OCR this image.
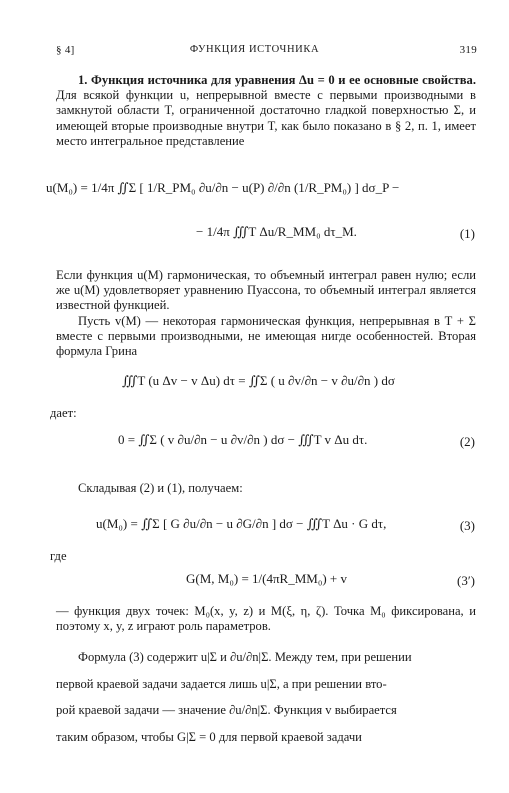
§ 4]	ФУНКЦИЯ ИСТОЧНИКА	319
1. Функция источника для уравнения Δu = 0 и ее основные свойства. Для всякой функции u, непрерывной вместе с первыми производными в замкнутой области T, ограниченной достаточно гладкой поверхностью Σ, и имеющей вторые производные внутри T, как было показано в § 2, п. 1, имеет место интегральное представление
u(M₀) = 1/4π ∬Σ [ 1/R_PM₀ ∂u/∂n − u(P) ∂/∂n (1/R_PM₀) ] dσ_P −
− 1/4π ∭T Δu/R_MM₀ dτ_M.	(1)
Если функция u(M) гармоническая, то объемный интеграл равен нулю; если же u(M) удовлетворяет уравнению Пуассона, то объемный интеграл является известной функцией.
Пусть v(M) — некоторая гармоническая функция, непрерывная в T + Σ вместе с первыми производными, не имеющая нигде особенностей. Вторая формула Грина
∭T (u Δv − v Δu) dτ = ∬Σ ( u ∂v/∂n − v ∂u/∂n ) dσ
дает:
0 = ∬Σ ( v ∂u/∂n − u ∂v/∂n ) dσ − ∭T v Δu dτ.	(2)
Складывая (2) и (1), получаем:
u(M₀) = ∬Σ [ G ∂u/∂n − u ∂G/∂n ] dσ − ∭T Δu · G dτ,	(3)
где
G(M, M₀) = 1/(4πR_MM₀) + v	(3′)
— функция двух точек: M₀(x, y, z) и M(ξ, η, ζ). Точка M₀ фиксирована, и поэтому x, y, z играют роль параметров.
Формула (3) содержит u|Σ и ∂u/∂n|Σ. Между тем, при решении
первой краевой задачи задается лишь u|Σ, а при решении вто-
рой краевой задачи — значение ∂u/∂n|Σ. Функция v выбирается
таким образом, чтобы G|Σ = 0 для первой краевой задачи
